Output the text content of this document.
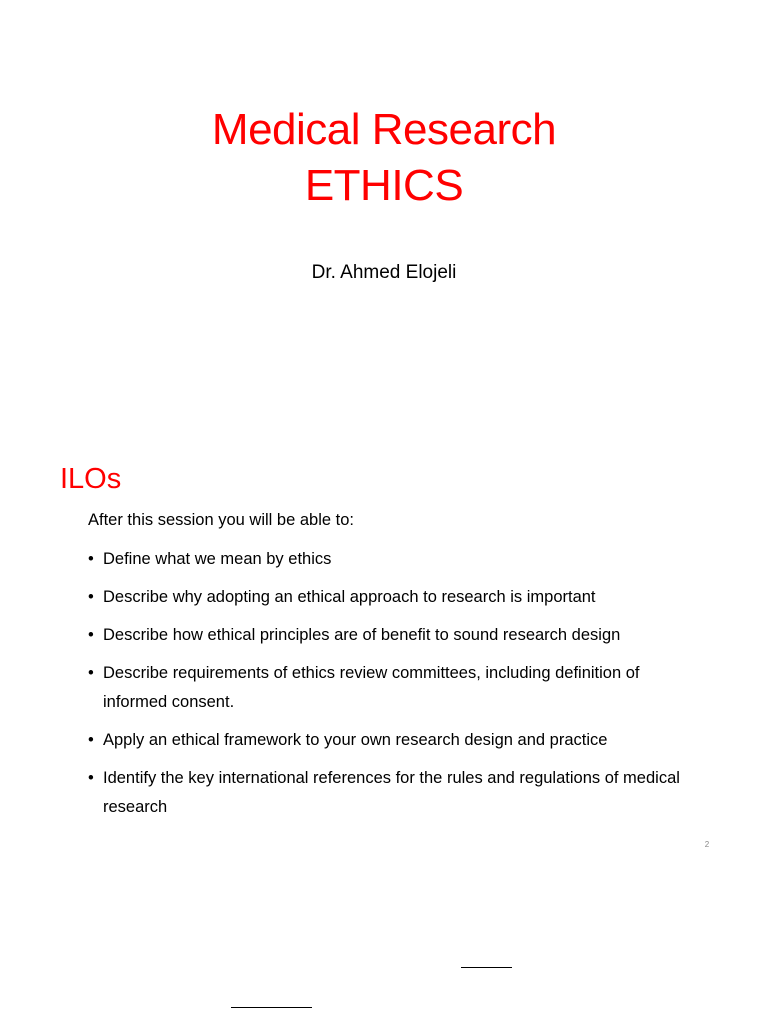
Medical Research
ETHICS
Dr. Ahmed Elojeli
ILOs
After this session you will be able to:
• Define what we mean by ethics
• Describe why adopting an ethical approach to research is important
• Describe how ethical principles are of benefit to sound research design
• Describe requirements of ethics review committees, including definition of informed consent.
• Apply an ethical framework to your own research design and practice
• Identify the key international references for the rules and regulations of medical research
2
